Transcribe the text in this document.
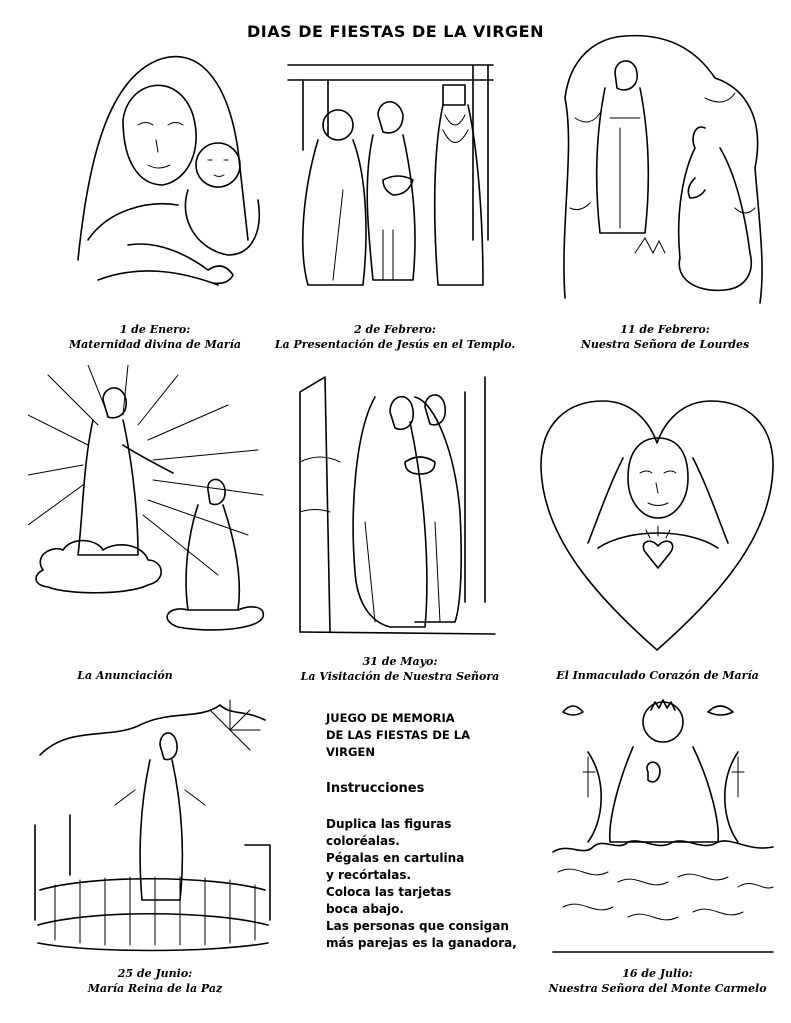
DIAS DE FIESTAS DE LA VIRGEN
1 de Enero:
Maternidad divina de María
2 de Febrero:
La Presentación de Jesús en el Templo.
11 de Febrero:
Nuestra Señora de Lourdes
La Anunciación
31 de Mayo:
La Visitación de Nuestra Señora	El Inmaculado Corazón de María
JUEGO DE MEMORIA
DE LAS FIESTAS DE LA
VIRGEN
Instrucciones
Duplica las figuras
coloréalas.
Pégalas en cartulina
y recórtalas.
Coloca las tarjetas
boca abajo.
Las personas que consigan
más parejas es la ganadora,
25 de Junio:
María Reina de la Paz
16 de Julio:
Nuestra Señora del Monte Carmelo
